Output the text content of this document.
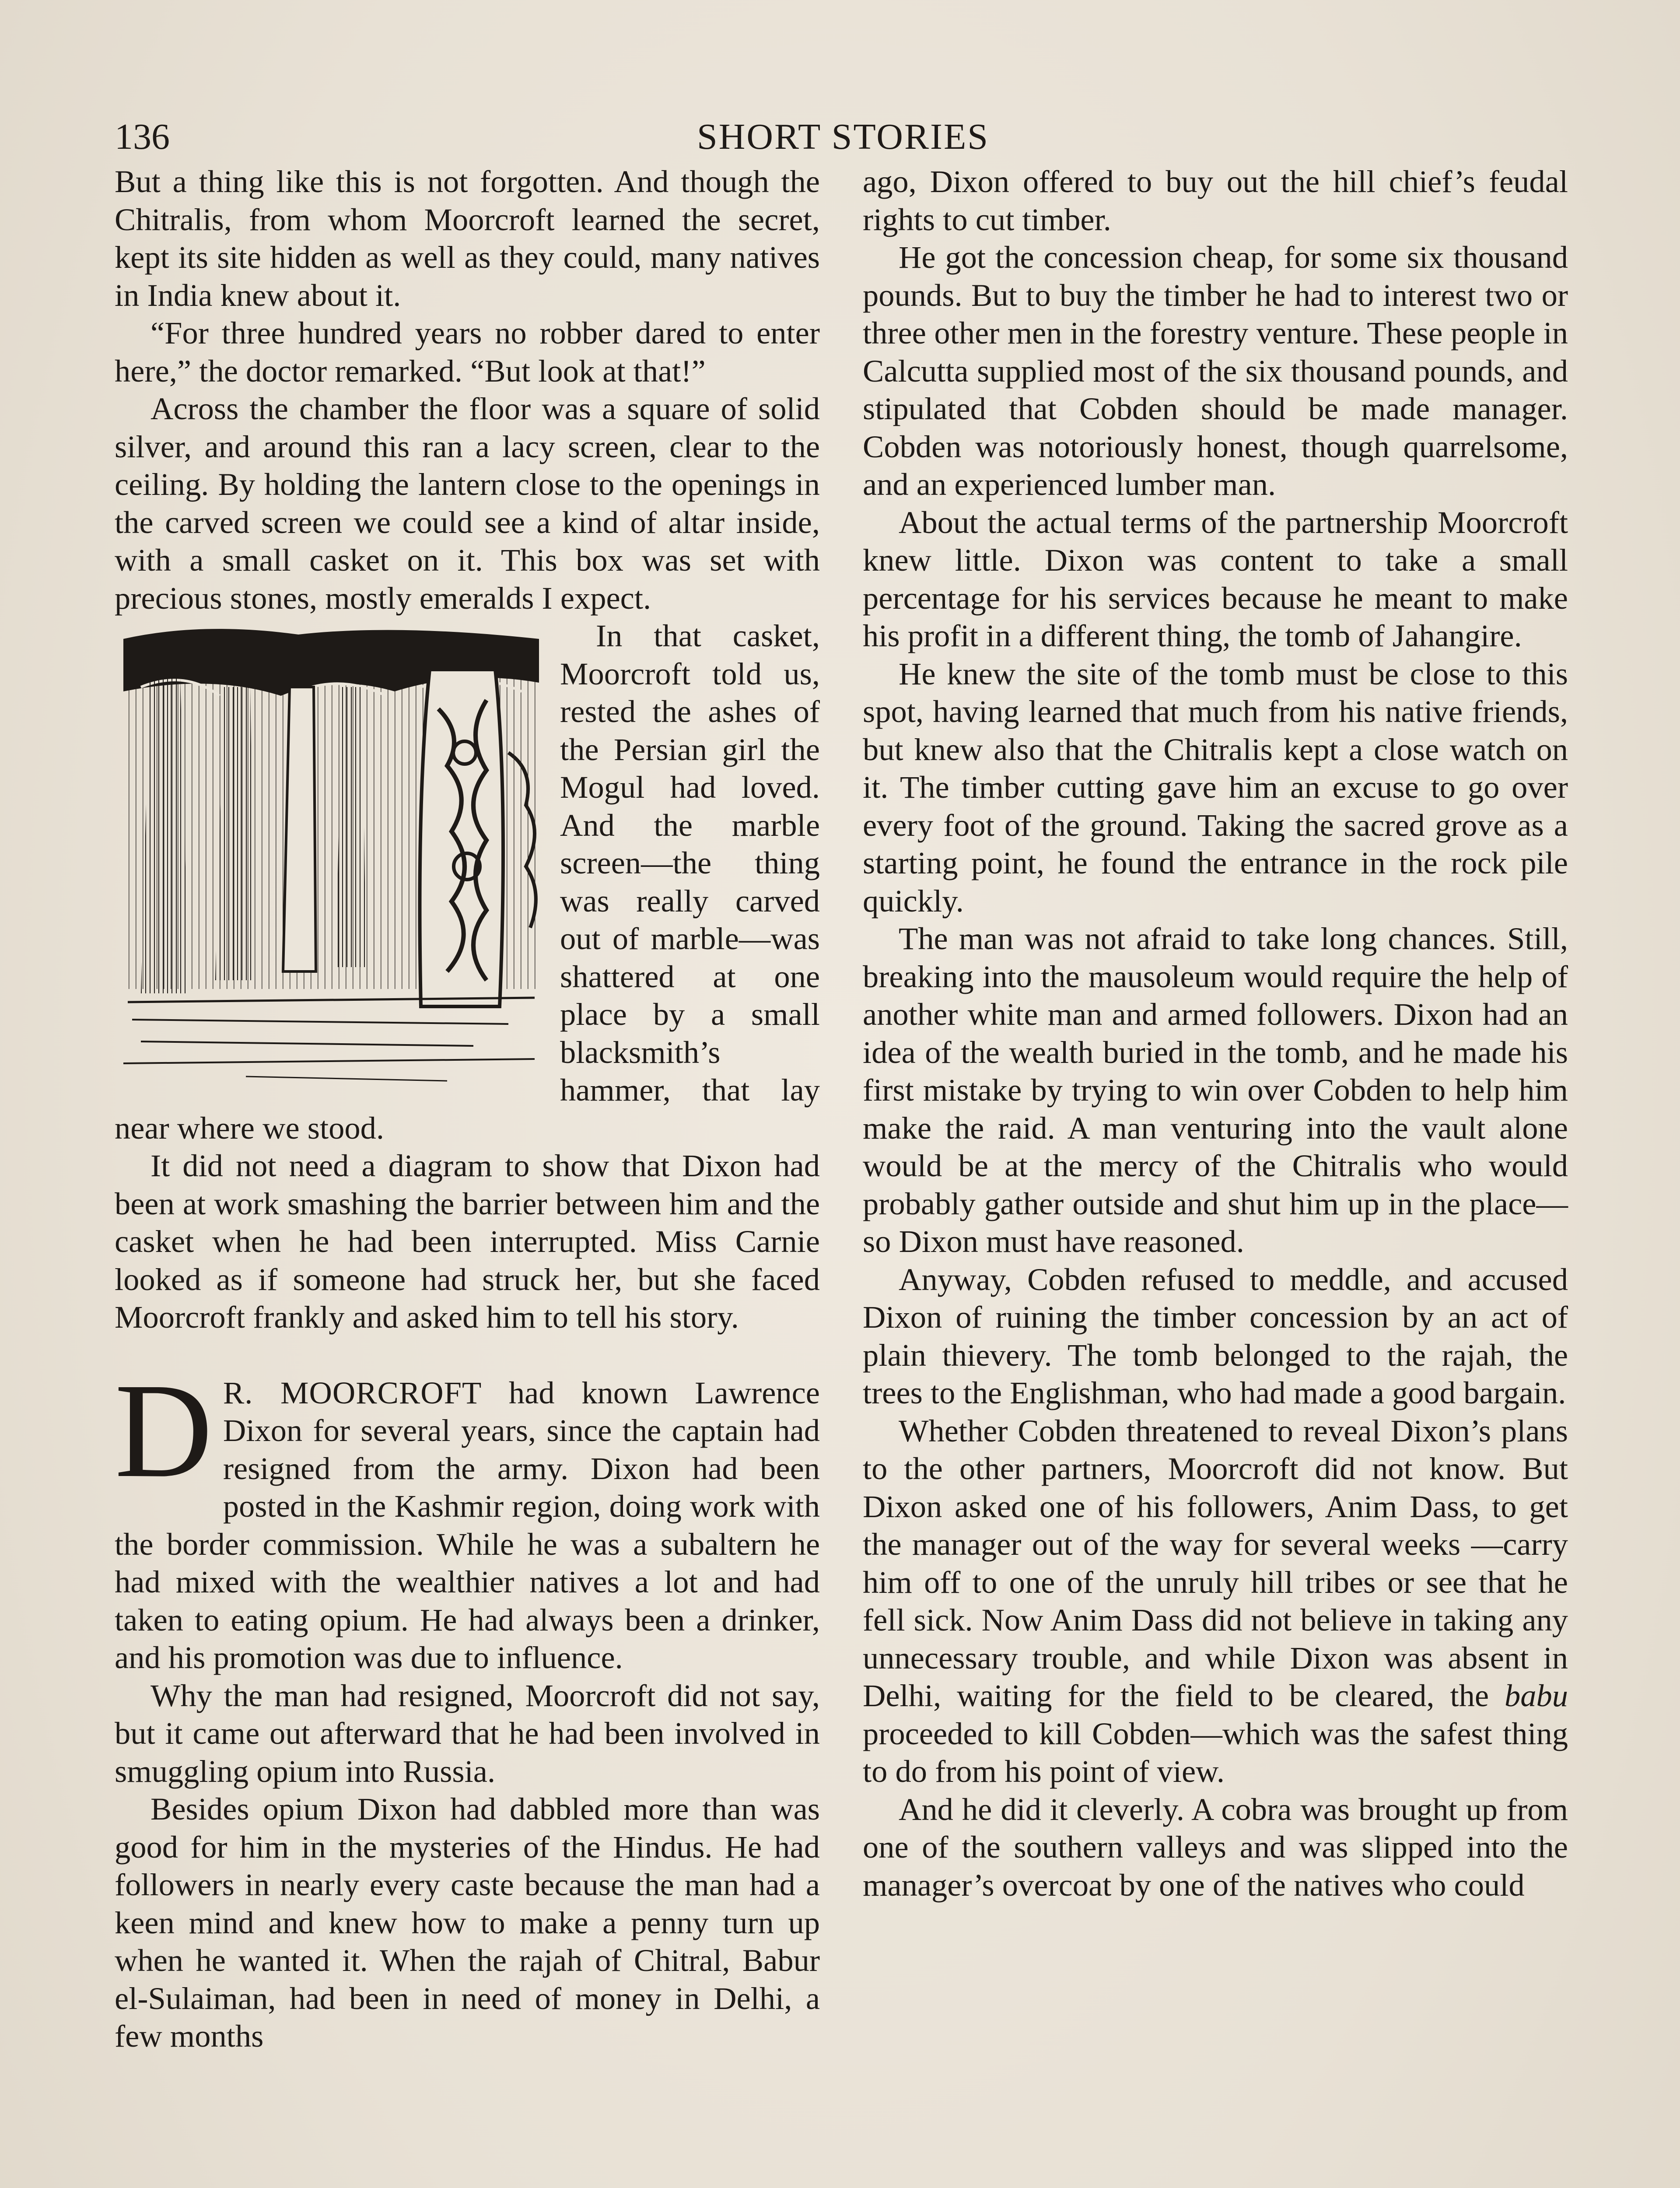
136	SHORT STORIES

But a thing like this is not forgotten. And though the Chitralis, from whom Moorcroft learned the secret, kept its site hidden as well as they could, many natives in India knew about it.

“For three hundred years no robber dared to enter here,” the doctor remarked. “But look at that!”

Across the chamber the floor was a square of solid silver, and around this ran a lacy screen, clear to the ceiling. By holding the lantern close to the openings in the carved screen we could see a kind of altar inside, with a small casket on it. This box was set with precious stones, mostly emeralds I expect.

In that casket, Moorcroft told us, rested the ashes of the Persian girl the Mogul had loved. And the marble screen—the thing was really carved out of marble—was shattered at one place by a small blacksmith’s hammer, that lay near where we stood.

It did not need a diagram to show that Dixon had been at work smashing the barrier between him and the casket when he had been interrupted. Miss Carnie looked as if someone had struck her, but she faced Moorcroft frankly and asked him to tell his story.

D R. MOORCROFT had known Lawrence Dixon for several years, since the captain had resigned from the army. Dixon had been posted in the Kashmir region, doing work with the border commission. While he was a subaltern he had mixed with the wealthier natives a lot and had taken to eating opium. He had always been a drinker, and his promotion was due to influence.

Why the man had resigned, Moorcroft did not say, but it came out afterward that he had been involved in smuggling opium into Russia.

Besides opium Dixon had dabbled more than was good for him in the mysteries of the Hindus. He had followers in nearly every caste because the man had a keen mind and knew how to make a penny turn up when he wanted it. When the rajah of Chitral, Babur el-Sulaiman, had been in need of money in Delhi, a few months

ago, Dixon offered to buy out the hill chief’s feudal rights to cut timber.

He got the concession cheap, for some six thousand pounds. But to buy the timber he had to interest two or three other men in the forestry venture. These people in Calcutta supplied most of the six thousand pounds, and stipulated that Cobden should be made manager. Cobden was notoriously honest, though quarrelsome, and an experienced lumber man.

About the actual terms of the partnership Moorcroft knew little. Dixon was content to take a small percentage for his services because he meant to make his profit in a different thing, the tomb of Jahangire.

He knew the site of the tomb must be close to this spot, having learned that much from his native friends, but knew also that the Chitralis kept a close watch on it. The timber cutting gave him an excuse to go over every foot of the ground. Taking the sacred grove as a starting point, he found the entrance in the rock pile quickly.

The man was not afraid to take long chances. Still, breaking into the mausoleum would require the help of another white man and armed followers. Dixon had an idea of the wealth buried in the tomb, and he made his first mistake by trying to win over Cobden to help him make the raid. A man venturing into the vault alone would be at the mercy of the Chitralis who would probably gather outside and shut him up in the place—so Dixon must have reasoned.

Anyway, Cobden refused to meddle, and accused Dixon of ruining the timber concession by an act of plain thievery. The tomb belonged to the rajah, the trees to the Englishman, who had made a good bargain.

Whether Cobden threatened to reveal Dixon’s plans to the other partners, Moorcroft did not know. But Dixon asked one of his followers, Anim Dass, to get the manager out of the way for several weeks —carry him off to one of the unruly hill tribes or see that he fell sick. Now Anim Dass did not believe in taking any unnecessary trouble, and while Dixon was absent in Delhi, waiting for the field to be cleared, the babu proceeded to kill Cobden—which was the safest thing to do from his point of view.

And he did it cleverly. A cobra was brought up from one of the southern valleys and was slipped into the manager’s overcoat by one of the natives who could
